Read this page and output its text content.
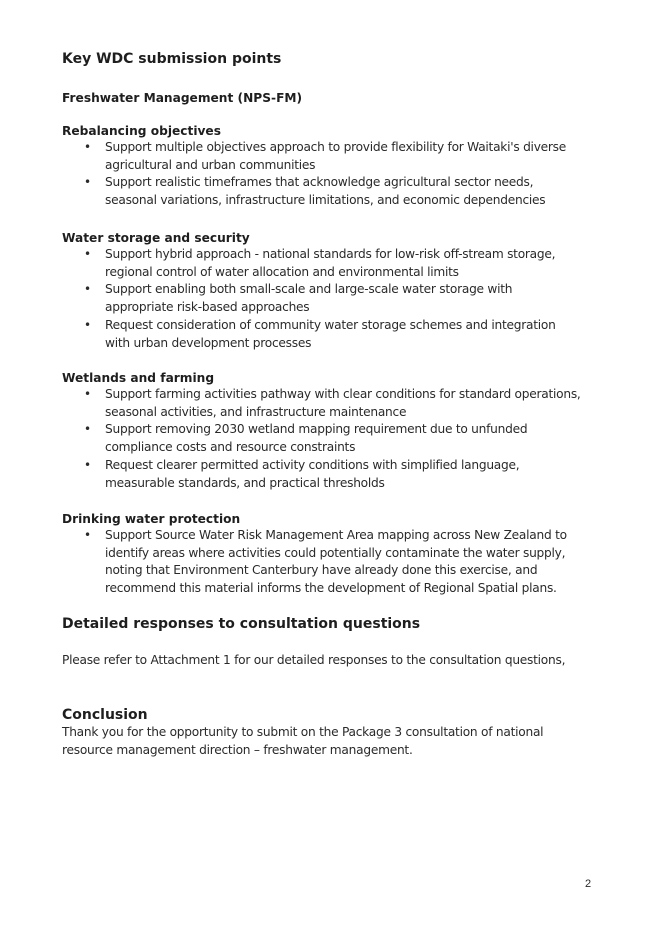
Key WDC submission points
Freshwater Management (NPS-FM)
Rebalancing objectives
• Support multiple objectives approach to provide flexibility for Waitaki's diverse
agricultural and urban communities
• Support realistic timeframes that acknowledge agricultural sector needs,
seasonal variations, infrastructure limitations, and economic dependencies
Water storage and security
• Support hybrid approach - national standards for low-risk off-stream storage,
regional control of water allocation and environmental limits
• Support enabling both small-scale and large-scale water storage with
appropriate risk-based approaches
• Request consideration of community water storage schemes and integration
with urban development processes
Wetlands and farming
• Support farming activities pathway with clear conditions for standard operations,
seasonal activities, and infrastructure maintenance
• Support removing 2030 wetland mapping requirement due to unfunded
compliance costs and resource constraints
• Request clearer permitted activity conditions with simplified language,
measurable standards, and practical thresholds
Drinking water protection
• Support Source Water Risk Management Area mapping across New Zealand to
identify areas where activities could potentially contaminate the water supply,
noting that Environment Canterbury have already done this exercise, and
recommend this material informs the development of Regional Spatial plans.
Detailed responses to consultation questions
Please refer to Attachment 1 for our detailed responses to the consultation questions,
Conclusion
Thank you for the opportunity to submit on the Package 3 consultation of national
resource management direction – freshwater management.
2
